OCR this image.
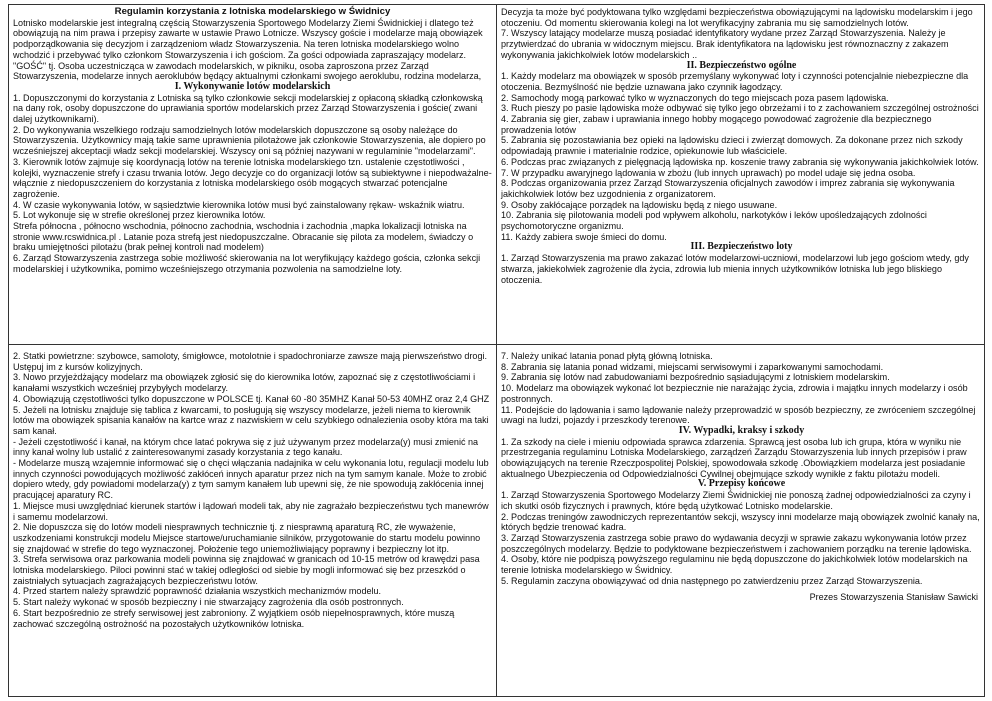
Regulamin korzystania z lotniska modelarskiego w Świdnicy

Lotnisko modelarskie jest integralną częścią Stowarzyszenia Sportowego Modelarzy Ziemi Świdnickiej i dlatego też obowiązują na nim prawa i przepisy zawarte w ustawie Prawo Lotnicze. Wszyscy goście i modelarze mają obowiązek podporządkowania się decyzjom i zarządzeniom władz Stowarzyszenia. Na teren lotniska modelarskiego wolno wchodzić i przebywać tylko członkom Stowarzyszenia i ich gościom. Za gości odpowiada zapraszający modelarz. "GOŚĆ" tj. Osoba uczestnicząca w zawodach modelarskich, w pikniku, osoba zaproszona przez Zarząd Stowarzyszenia, modelarze innych aeroklubów będący aktualnymi członkami swojego aeroklubu, rodzina modelarza,

I. Wykonywanie lotów modelarskich

1. Dopuszczonymi do korzystania z Lotniska są tylko członkowie sekcji modelarskiej z opłaconą składką członkowską na dany rok, osoby dopuszczone do uprawiania sportów modelarskich przez Zarząd Stowarzyszenia i goście( zwani dalej użytkownikami).

2. Do wykonywania wszelkiego rodzaju samodzielnych lotów modelarskich dopuszczone są osoby należące do Stowarzyszenia. Użytkownicy mają takie same uprawnienia pilotażowe jak członkowie Stowarzyszenia, ale dopiero po wcześniejszej akceptacji władz sekcji modelarskiej. Wszyscy oni są później nazywani w regulaminie "modelarzami".

3. Kierownik lotów zajmuje się koordynacją lotów na terenie lotniska modelarskiego tzn. ustalenie częstotliwości , kolejki, wyznaczenie strefy i czasu trwania lotów. Jego decyzje co do organizacji lotów są subiektywne i niepodważalne- włącznie z niedopuszczeniem do korzystania z lotniska modelarskiego osób mogących stwarzać potencjalne zagrożenie.

4. W czasie wykonywania lotów, w sąsiedztwie kierownika lotów musi być zainstalowany rękaw- wskaźnik wiatru.

5. Lot wykonuje się w strefie określonej przez kierownika lotów.

Strefa północna , północno wschodnia, północno zachodnia, wschodnia i zachodnia ,mapka lokalizacji lotniska na stronie www.rcswidnica.pl . Latanie poza strefą jest niedopuszczalne. Obracanie się pilota za modelem, świadczy o braku umiejętności pilotażu (brak pełnej kontroli nad modelem)

6. Zarząd Stowarzyszenia zastrzega sobie możliwość skierowania na lot weryfikujący każdego gościa, członka sekcji modelarskiej i użytkownika, pomimo wcześniejszego otrzymania pozwolenia na samodzielne loty.

Decyzja ta może być podyktowana tylko względami bezpieczeństwa obowiązującymi na lądowisku modelarskim i jego otoczeniu. Od momentu skierowania kolegi na lot weryfikacyjny zabrania mu się samodzielnych lotów.

7. Wszyscy latający modelarze muszą posiadać identyfikatory wydane przez Zarząd Stowarzyszenia. Należy je przytwierdzać do ubrania w widocznym miejscu. Brak identyfikatora na lądowisku jest równoznaczny z zakazem wykonywania jakichkolwiek lotów modelarskich ..

II. Bezpieczeństwo ogólne

1. Każdy modelarz ma obowiązek w sposób przemyślany wykonywać loty i czynności potencjalnie niebezpieczne dla otoczenia. Bezmyślność nie będzie uznawana jako czynnik łagodzący.

2. Samochody mogą parkować tylko w wyznaczonych do tego miejscach poza pasem lądowiska.

3. Ruch pieszy po pasie lądowiska może odbywać się tylko jego obrzeżami i to z zachowaniem szczególnej ostrożności

4. Zabrania się gier, zabaw i uprawiania innego hobby mogącego powodować zagrożenie dla bezpiecznego prowadzenia lotów

5. Zabrania się pozostawiania bez opieki na lądowisku dzieci i zwierząt domowych. Za dokonane przez nich szkody odpowiadają prawnie i materialnie rodzice, opiekunowie lub właściciele.

6. Podczas prac związanych z pielęgnacją lądowiska np. koszenie trawy zabrania się wykonywania jakichkolwiek lotów.

7. W przypadku awaryjnego lądowania w zbożu (lub innych uprawach) po model udaje się jedna osoba.

8. Podczas organizowania przez Zarząd Stowarzyszenia oficjalnych zawodów i imprez zabrania się wykonywania jakichkolwiek lotów bez uzgodnienia z organizatorem.

9. Osoby zakłócające porządek na lądowisku będą z niego usuwane.

10. Zabrania się pilotowania modeli pod wpływem alkoholu, narkotyków i leków upośledzających zdolności psychomotoryczne organizmu.

11. Każdy zabiera swoje śmieci do domu.

III. Bezpieczeństwo loty

1. Zarząd Stowarzyszenia ma prawo zakazać lotów modelarzowi-uczniowi, modelarzowi lub jego gościom wtedy, gdy stwarza, jakiekolwiek zagrożenie dla życia, zdrowia lub mienia innych użytkowników lotniska lub jego bliskiego otoczenia.

2. Statki powietrzne: szybowce, samoloty, śmigłowce, motolotnie i spadochroniarze zawsze mają pierwszeństwo drogi. Ustępuj im z kursów kolizyjnych.

3. Nowo przyjeżdżający modelarz ma obowiązek zgłosić się do kierownika lotów, zapoznać się z częstotliwościami i kanałami wszystkich wcześniej przybyłych modelarzy.

4. Obowiązują częstotliwości tylko dopuszczone w POLSCE tj. Kanał 60 -80 35MHZ Kanał 50-53 40MHZ oraz 2,4 GHZ

5. Jeżeli na lotnisku znajduje się tablica z kwarcami, to posługują się wszyscy modelarze, jeżeli niema to kierownik lotów ma obowiązek spisania kanałów na kartce wraz z nazwiskiem w celu szybkiego odnalezienia osoby która ma taki sam kanał.

- Jeżeli częstotliwość i kanał, na którym chce latać pokrywa się z już używanym przez modelarza(y) musi zmienić na inny kanał wolny lub ustalić z zainteresowanymi zasady korzystania z tego kanału.

- Modelarze muszą wzajemnie informować się o chęci włączania nadajnika w celu wykonania lotu, regulacji modelu lub innych czynności powodujących możliwość zakłóceń innych aparatur przez nich na tym samym kanale. Może to zrobić dopiero wtedy, gdy powiadomi modelarza(y) z tym samym kanałem lub upewni się, że nie spowodują zakłócenia innej pracującej aparatury RC.

1. Miejsce musi uwzględniać kierunek startów i lądowań modeli tak, aby nie zagrażało bezpieczeństwu tych manewrów i samemu modelarzowi.

2. Nie dopuszcza się do lotów modeli niesprawnych technicznie tj. z niesprawną aparaturą RC, złe wyważenie, uszkodzeniami konstrukcji modelu Miejsce startowe/uruchamianie silników, przygotowanie do startu modelu powinno się znajdować w strefie do tego wyznaczonej. Położenie tego uniemożliwiający poprawny i bezpieczny lot itp.

3. Strefa serwisowa oraz parkowania modeli powinna się znajdować w granicach od 10-15 metrów od krawędzi pasa lotniska modelarskiego. Piloci powinni stać w takiej odległości od siebie by mogli informować się bez przeszkód o zaistniałych sytuacjach zagrażających bezpieczeństwu lotów.

4. Przed startem należy sprawdzić poprawność działania wszystkich mechanizmów modelu.

5. Start należy wykonać w sposób bezpieczny i nie stwarzający zagrożenia dla osób postronnych.

6. Start bezpośrednio ze strefy serwisowej jest zabroniony. Z wyjątkiem osób niepełnosprawnych, które muszą zachować szczególną ostrożność na pozostałych użytkowników lotniska.

7. Należy unikać latania ponad płytą główną lotniska.

8. Zabrania się latania ponad widzami, miejscami serwisowymi i zaparkowanymi samochodami.

9. Zabrania się lotów nad zabudowaniami bezpośrednio sąsiadującymi z lotniskiem modelarskim.

10. Modelarz ma obowiązek wykonać lot bezpiecznie nie narażając życia, zdrowia i majątku innych modelarzy i osób postronnych.

11. Podejście do lądowania i samo lądowanie należy przeprowadzić w sposób bezpieczny, ze zwróceniem szczególnej uwagi na ludzi, pojazdy i przeszkody terenowe.

IV. Wypadki, kraksy i szkody

1. Za szkody na ciele i mieniu odpowiada sprawca zdarzenia. Sprawcą jest osoba lub ich grupa, która w wyniku nie przestrzegania regulaminu Lotniska Modelarskiego, zarządzeń Zarządu Stowarzyszenia lub innych przepisów i praw obowiązujących na terenie Rzeczpospolitej Polskiej, spowodowała szkodę .Obowiązkiem modelarza jest posiadanie aktualnego Ubezpieczenia od Odpowiedzialności Cywilnej obejmujące szkody wynikłe z faktu pilotażu modeli.

V. Przepisy końcowe

1. Zarząd Stowarzyszenia Sportowego Modelarzy Ziemi Świdnickiej nie ponoszą żadnej odpowiedzialności za czyny i ich skutki osób fizycznych i prawnych, które będą użytkować Lotnisko modelarskie.

2. Podczas treningów zawodniczych reprezentantów sekcji, wszyscy inni modelarze mają obowiązek zwolnić kanały na, których będzie trenować kadra.

3. Zarząd Stowarzyszenia zastrzega sobie prawo do wydawania decyzji w sprawie zakazu wykonywania lotów przez poszczególnych modelarzy. Będzie to podyktowane bezpieczeństwem i zachowaniem porządku na terenie lądowiska.

4. Osoby, które nie podpiszą powyższego regulaminu nie będą dopuszczone do jakichkolwiek lotów modelarskich na terenie lotniska modelarskiego w Świdnicy.

5. Regulamin zaczyna obowiązywać od dnia następnego po zatwierdzeniu przez Zarząd Stowarzyszenia.

Prezes Stowarzyszenia Stanisław Sawicki
